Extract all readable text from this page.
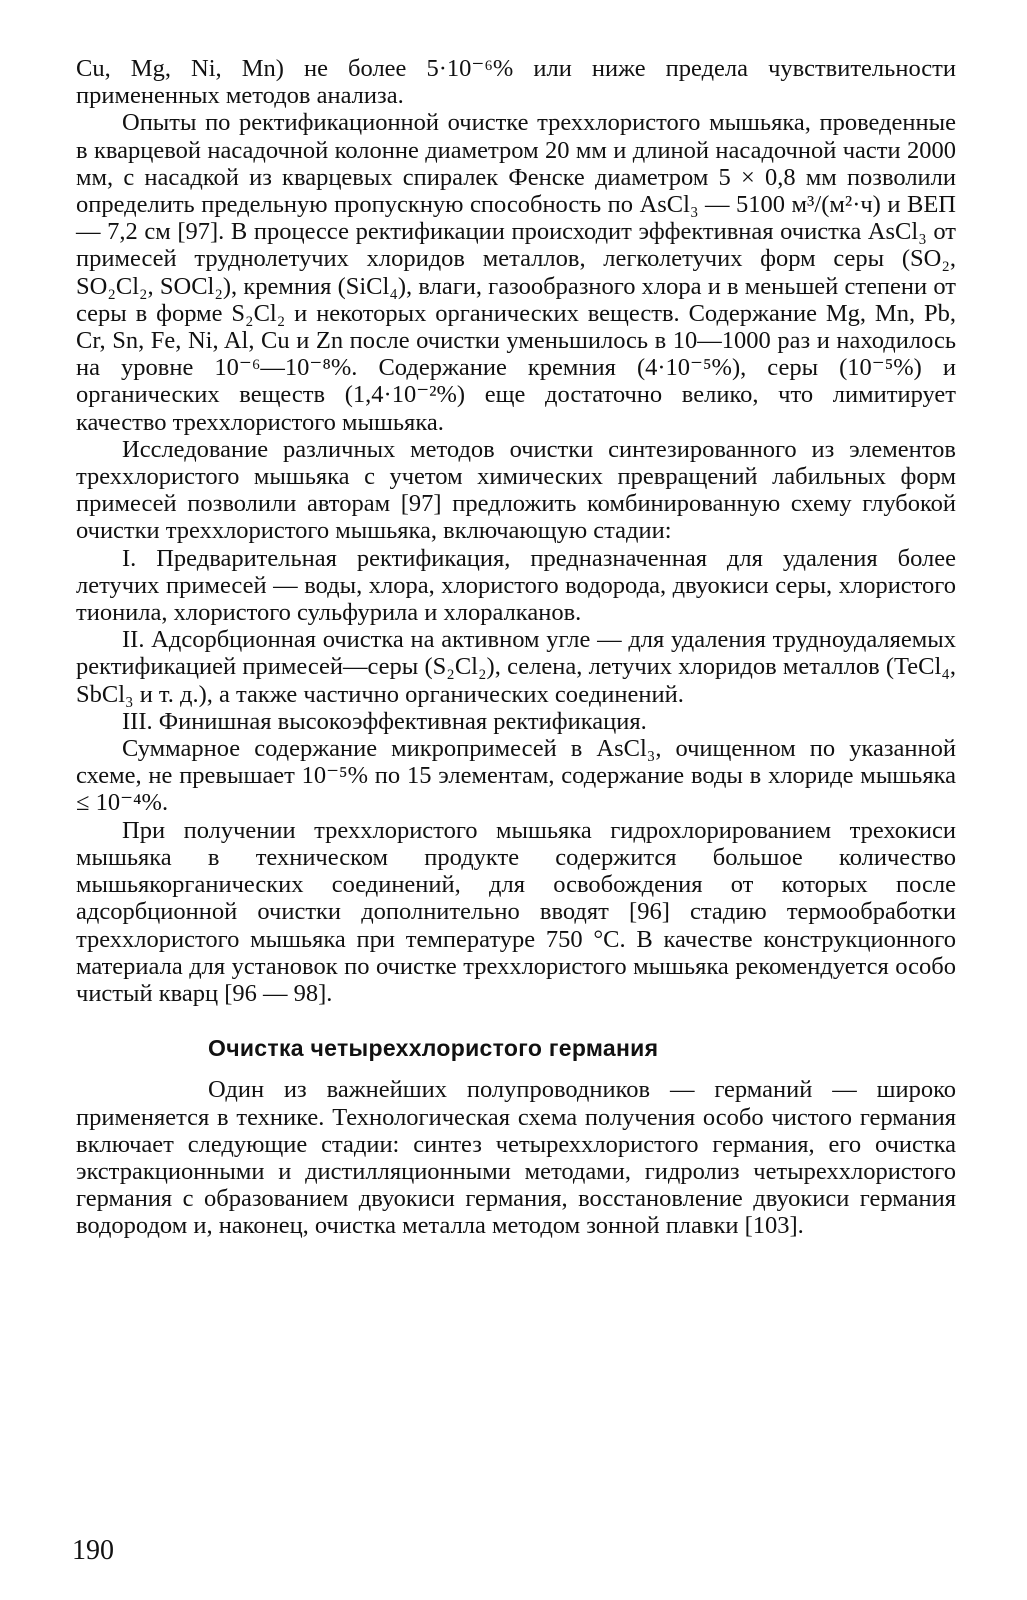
Cu, Mg, Ni, Mn) не более 5·10⁻⁶% или ниже предела чувствительности примененных методов анализа.

Опыты по ректификационной очистке треххлористого мышьяка, проведенные в кварцевой насадочной колонне диаметром 20 мм и длиной насадочной части 2000 мм, с насадкой из кварцевых спиралек Фенске диаметром 5 × 0,8 мм позволили определить предельную пропускную способность по AsCl₃ — 5100 м³/(м²·ч) и ВЕП — 7,2 см [97]. В процессе ректификации происходит эффективная очистка AsCl₃ от примесей труднолетучих хлоридов металлов, легколетучих форм серы (SO₂, SO₂Cl₂, SOCl₂), кремния (SiCl₄), влаги, газообразного хлора и в меньшей степени от серы в форме S₂Cl₂ и некоторых органических веществ. Содержание Mg, Mn, Pb, Cr, Sn, Fe, Ni, Al, Cu и Zn после очистки уменьшилось в 10—1000 раз и находилось на уровне 10⁻⁶—10⁻⁸%. Содержание кремния (4·10⁻⁵%), серы (10⁻⁵%) и органических веществ (1,4·10⁻²%) еще достаточно велико, что лимитирует качество треххлористого мышьяка.

Исследование различных методов очистки синтезированного из элементов треххлористого мышьяка с учетом химических превращений лабильных форм примесей позволили авторам [97] предложить комбинированную схему глубокой очистки треххлористого мышьяка, включающую стадии:

I. Предварительная ректификация, предназначенная для удаления более летучих примесей — воды, хлора, хлористого водорода, двуокиси серы, хлористого тионила, хлористого сульфурила и хлоралканов.

II. Адсорбционная очистка на активном угле — для удаления трудноудаляемых ректификацией примесей—серы (S₂Cl₂), селена, летучих хлоридов металлов (TeCl₄, SbCl₃ и т. д.), а также частично органических соединений.

III. Финишная высокоэффективная ректификация.

Суммарное содержание микропримесей в AsCl₃, очищенном по указанной схеме, не превышает 10⁻⁵% по 15 элементам, содержание воды в хлориде мышьяка ≤ 10⁻⁴%.

При получении треххлористого мышьяка гидрохлорированием трехокиси мышьяка в техническом продукте содержится большое количество мышьякорганических соединений, для освобождения от которых после адсорбционной очистки дополнительно вводят [96] стадию термообработки треххлористого мышьяка при температуре 750 °C. В качестве конструкционного материала для установок по очистке треххлористого мышьяка рекомендуется особо чистый кварц [96 — 98].

Очистка четыреххлористого германия

Один из важнейших полупроводников — германий — широко применяется в технике. Технологическая схема получения особо чистого германия включает следующие стадии: синтез четыреххлористого германия, его очистка экстракционными и дистилляционными методами, гидролиз четыреххлористого германия с образованием двуокиси германия, восстановление двуокиси германия водородом и, наконец, очистка металла методом зонной плавки [103].

190
